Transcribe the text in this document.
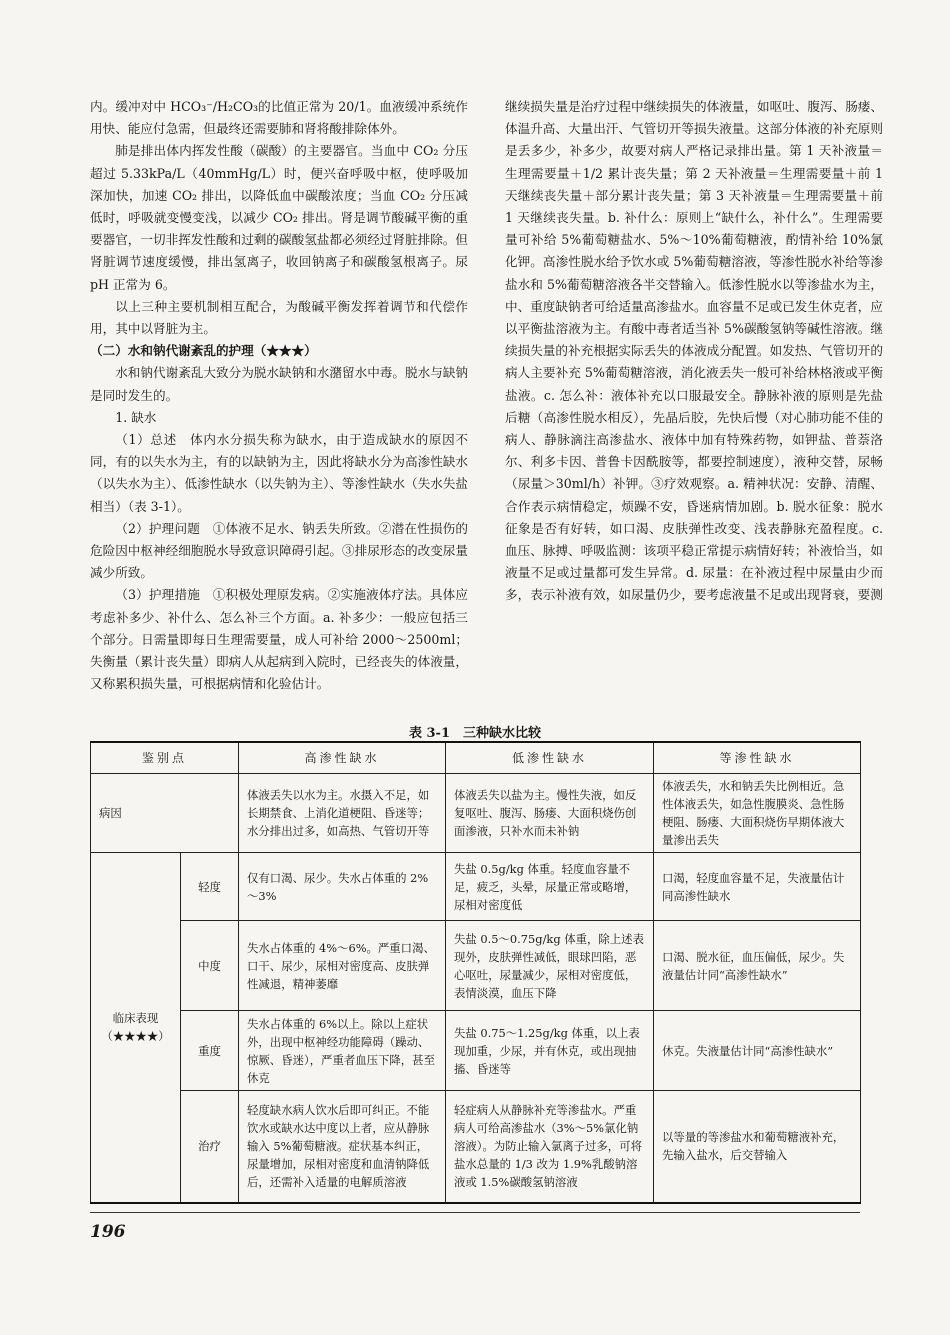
内。缓冲对中 HCO₃⁻/H₂CO₃的比值正常为 20/1。血液缓冲系统作用快、能应付急需，但最终还需要肺和肾将酸排除体外。

肺是排出体内挥发性酸（碳酸）的主要器官。当血中 CO₂ 分压超过 5.33kPa/L（40mmHg/L）时，便兴奋呼吸中枢，使呼吸加深加快，加速 CO₂ 排出，以降低血中碳酸浓度；当血 CO₂ 分压减低时，呼吸就变慢变浅，以减少 CO₂ 排出。肾是调节酸碱平衡的重要器官，一切非挥发性酸和过剩的碳酸氢盐都必须经过肾脏排除。但肾脏调节速度缓慢，排出氢离子，收回钠离子和碳酸氢根离子。尿 pH 正常为 6。

以上三种主要机制相互配合，为酸碱平衡发挥着调节和代偿作用，其中以肾脏为主。

（二）水和钠代谢紊乱的护理（★★★）

水和钠代谢紊乱大致分为脱水缺钠和水潴留水中毒。脱水与缺钠是同时发生的。

1. 缺水

（1）总述　体内水分损失称为缺水，由于造成缺水的原因不同，有的以失水为主，有的以缺钠为主，因此将缺水分为高渗性缺水（以失水为主）、低渗性缺水（以失钠为主）、等渗性缺水（失水失盐相当）（表 3-1）。

（2）护理问题　①体液不足水、钠丢失所致。②潜在性损伤的危险因中枢神经细胞脱水导致意识障碍引起。③排尿形态的改变尿量减少所致。

（3）护理措施　①积极处理原发病。②实施液体疗法。具体应考虑补多少、补什么、怎么补三个方面。a. 补多少：一般应包括三个部分。日需量即每日生理需要量，成人可补给 2000～2500ml；失衡量（累计丧失量）即病人从起病到入院时，已经丧失的体液量，又称累积损失量，可根据病情和化验估计。

继续损失量是治疗过程中继续损失的体液量，如呕吐、腹泻、肠瘘、体温升高、大量出汗、气管切开等损失液量。这部分体液的补充原则是丢多少，补多少，故要对病人严格记录排出量。第 1 天补液量＝生理需要量＋1/2 累计丧失量；第 2 天补液量＝生理需要量＋前 1 天继续丧失量＋部分累计丧失量；第 3 天补液量＝生理需要量＋前 1 天继续丧失量。b. 补什么：原则上“缺什么，补什么”。生理需要量可补给 5%葡萄糖盐水、5%～10%葡萄糖液，酌情补给 10%氯化钾。高渗性脱水给予饮水或 5%葡萄糖溶液，等渗性脱水补给等渗盐水和 5%葡萄糖溶液各半交替输入。低渗性脱水以等渗盐水为主，中、重度缺钠者可给适量高渗盐水。血容量不足或已发生休克者，应以平衡盐溶液为主。有酸中毒者适当补 5%碳酸氢钠等碱性溶液。继续损失量的补充根据实际丢失的体液成分配置。如发热、气管切开的病人主要补充 5%葡萄糖溶液，消化液丢失一般可补给林格液或平衡盐液。c. 怎么补：液体补充以口服最安全。静脉补液的原则是先盐后糖（高渗性脱水相反），先晶后胶，先快后慢（对心肺功能不佳的病人、静脉滴注高渗盐水、液体中加有特殊药物，如钾盐、普萘洛尔、利多卡因、普鲁卡因酰胺等，都要控制速度），液种交替，尿畅（尿量＞30ml/h）补钾。③疗效观察。a. 精神状况：安静、清醒、合作表示病情稳定，烦躁不安，昏迷病情加剧。b. 脱水征象：脱水征象是否有好转，如口渴、皮肤弹性改变、浅表静脉充盈程度。c. 血压、脉搏、呼吸监测：该项平稳正常提示病情好转；补液恰当，如液量不足或过量都可发生异常。d. 尿量：在补液过程中尿量由少而多，表示补液有效，如尿量仍少，要考虑液量不足或出现肾衰，要测

表 3-1　三种缺水比较
鉴别点		高渗性缺水	低渗性缺水	等渗性缺水
病因		体液丢失以水为主。水摄入不足，如长期禁食、上消化道梗阻、昏迷等；水分排出过多，如高热、气管切开等	体液丢失以盐为主。慢性失液，如反复呕吐、腹泻、肠瘘、大面积烧伤创面渗液，只补水而未补钠	体液丢失，水和钠丢失比例相近。急性体液丢失，如急性腹膜炎、急性肠梗阻、肠瘘、大面积烧伤早期体液大量渗出丢失
临床表现（★★★★）	轻度	仅有口渴、尿少。失水占体重的 2%～3%	失盐 0.5g/kg 体重。轻度血容量不足，疲乏，头晕，尿量正常或略增，尿相对密度低	口渴，轻度血容量不足，失液量估计同高渗性缺水
	中度	失水占体重的 4%～6%。严重口渴、口干、尿少，尿相对密度高、皮肤弹性减退，精神萎靡	失盐 0.5～0.75g/kg 体重，除上述表现外，皮肤弹性减低，眼球凹陷，恶心呕吐，尿量减少，尿相对密度低，表情淡漠，血压下降	口渴、脱水征，血压偏低，尿少。失液量估计同“高渗性缺水”
	重度	失水占体重的 6%以上。除以上症状外，出现中枢神经功能障碍（躁动、惊厥、昏迷），严重者血压下降，甚至休克	失盐 0.75～1.25g/kg 体重，以上表现加重，少尿，并有休克，或出现抽搐、昏迷等	休克。失液量估计同“高渗性缺水”
	治疗	轻度缺水病人饮水后即可纠正。不能饮水或缺水达中度以上者，应从静脉输入 5%葡萄糖液。症状基本纠正，尿量增加，尿相对密度和血清钠降低后，还需补入适量的电解质溶液	轻症病人从静脉补充等渗盐水。严重病人可给高渗盐水（3%～5%氯化钠溶液）。为防止输入氯离子过多，可将盐水总量的 1/3 改为 1.9%乳酸钠溶液或 1.5%碳酸氢钠溶液	以等量的等渗盐水和葡萄糖液补充，先输入盐水，后交替输入
196
